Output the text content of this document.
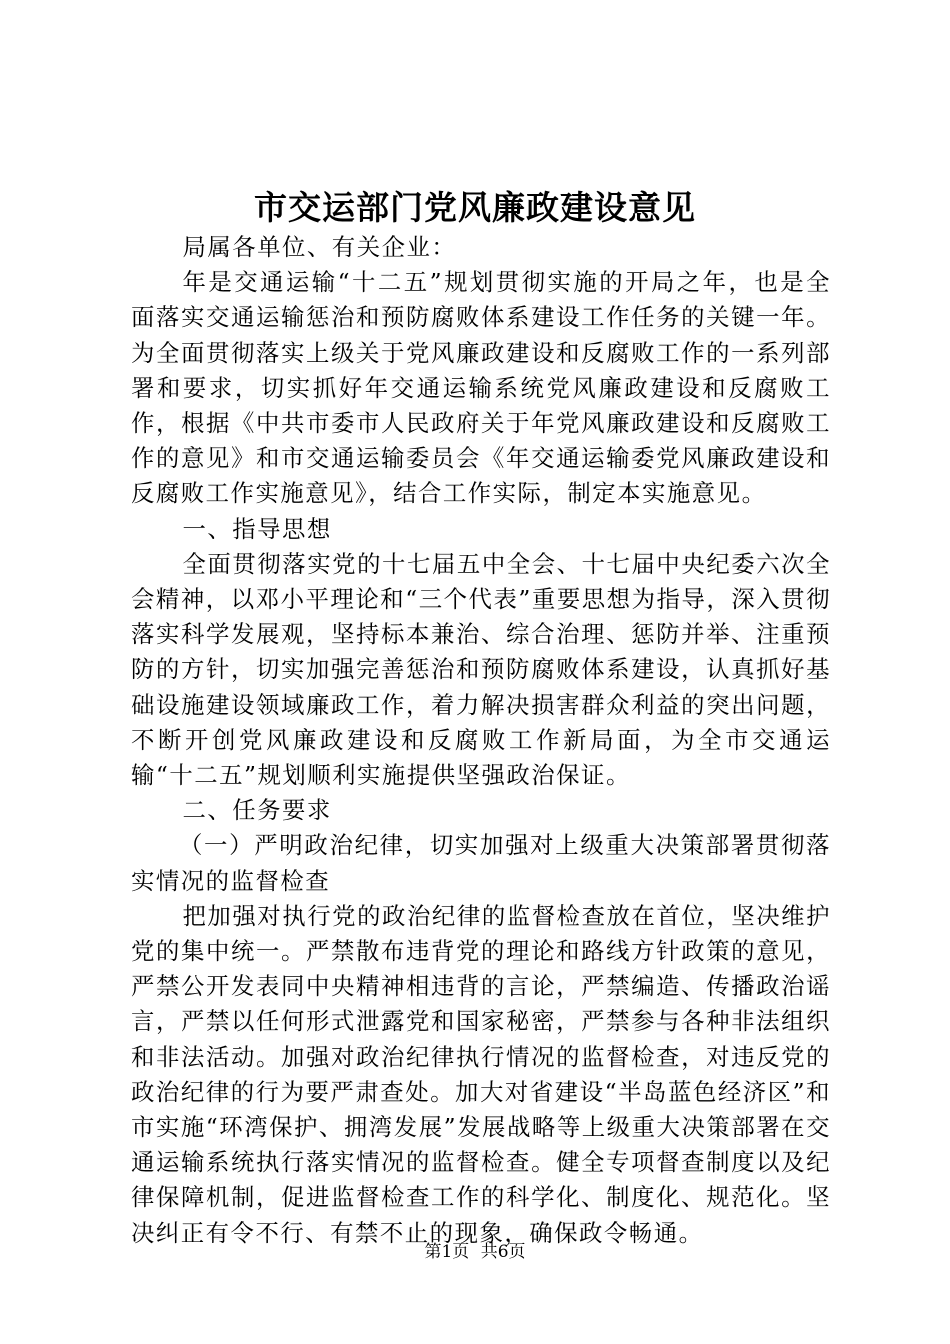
市交运部门党风廉政建设意见

局属各单位、有关企业：

年是交通运输“十二五”规划贯彻实施的开局之年，也是全面落实交通运输惩治和预防腐败体系建设工作任务的关键一年。为全面贯彻落实上级关于党风廉政建设和反腐败工作的一系列部署和要求，切实抓好年交通运输系统党风廉政建设和反腐败工作，根据《中共市委市人民政府关于年党风廉政建设和反腐败工作的意见》和市交通运输委员会《年交通运输委党风廉政建设和反腐败工作实施意见》，结合工作实际，制定本实施意见。

一、指导思想

全面贯彻落实党的十七届五中全会、十七届中央纪委六次全会精神，以邓小平理论和“三个代表”重要思想为指导，深入贯彻落实科学发展观，坚持标本兼治、综合治理、惩防并举、注重预防的方针，切实加强完善惩治和预防腐败体系建设，认真抓好基础设施建设领域廉政工作，着力解决损害群众利益的突出问题，不断开创党风廉政建设和反腐败工作新局面，为全市交通运输“十二五”规划顺利实施提供坚强政治保证。

二、任务要求

（一）严明政治纪律，切实加强对上级重大决策部署贯彻落实情况的监督检查

把加强对执行党的政治纪律的监督检查放在首位，坚决维护党的集中统一。严禁散布违背党的理论和路线方针政策的意见，严禁公开发表同中央精神相违背的言论，严禁编造、传播政治谣言，严禁以任何形式泄露党和国家秘密，严禁参与各种非法组织和非法活动。加强对政治纪律执行情况的监督检查，对违反党的政治纪律的行为要严肃查处。加大对省建设“半岛蓝色经济区”和市实施“环湾保护、拥湾发展”发展战略等上级重大决策部署在交通运输系统执行落实情况的监督检查。健全专项督查制度以及纪律保障机制，促进监督检查工作的科学化、制度化、规范化。坚决纠正有令不行、有禁不止的现象，确保政令畅通。

第1页 共6页
